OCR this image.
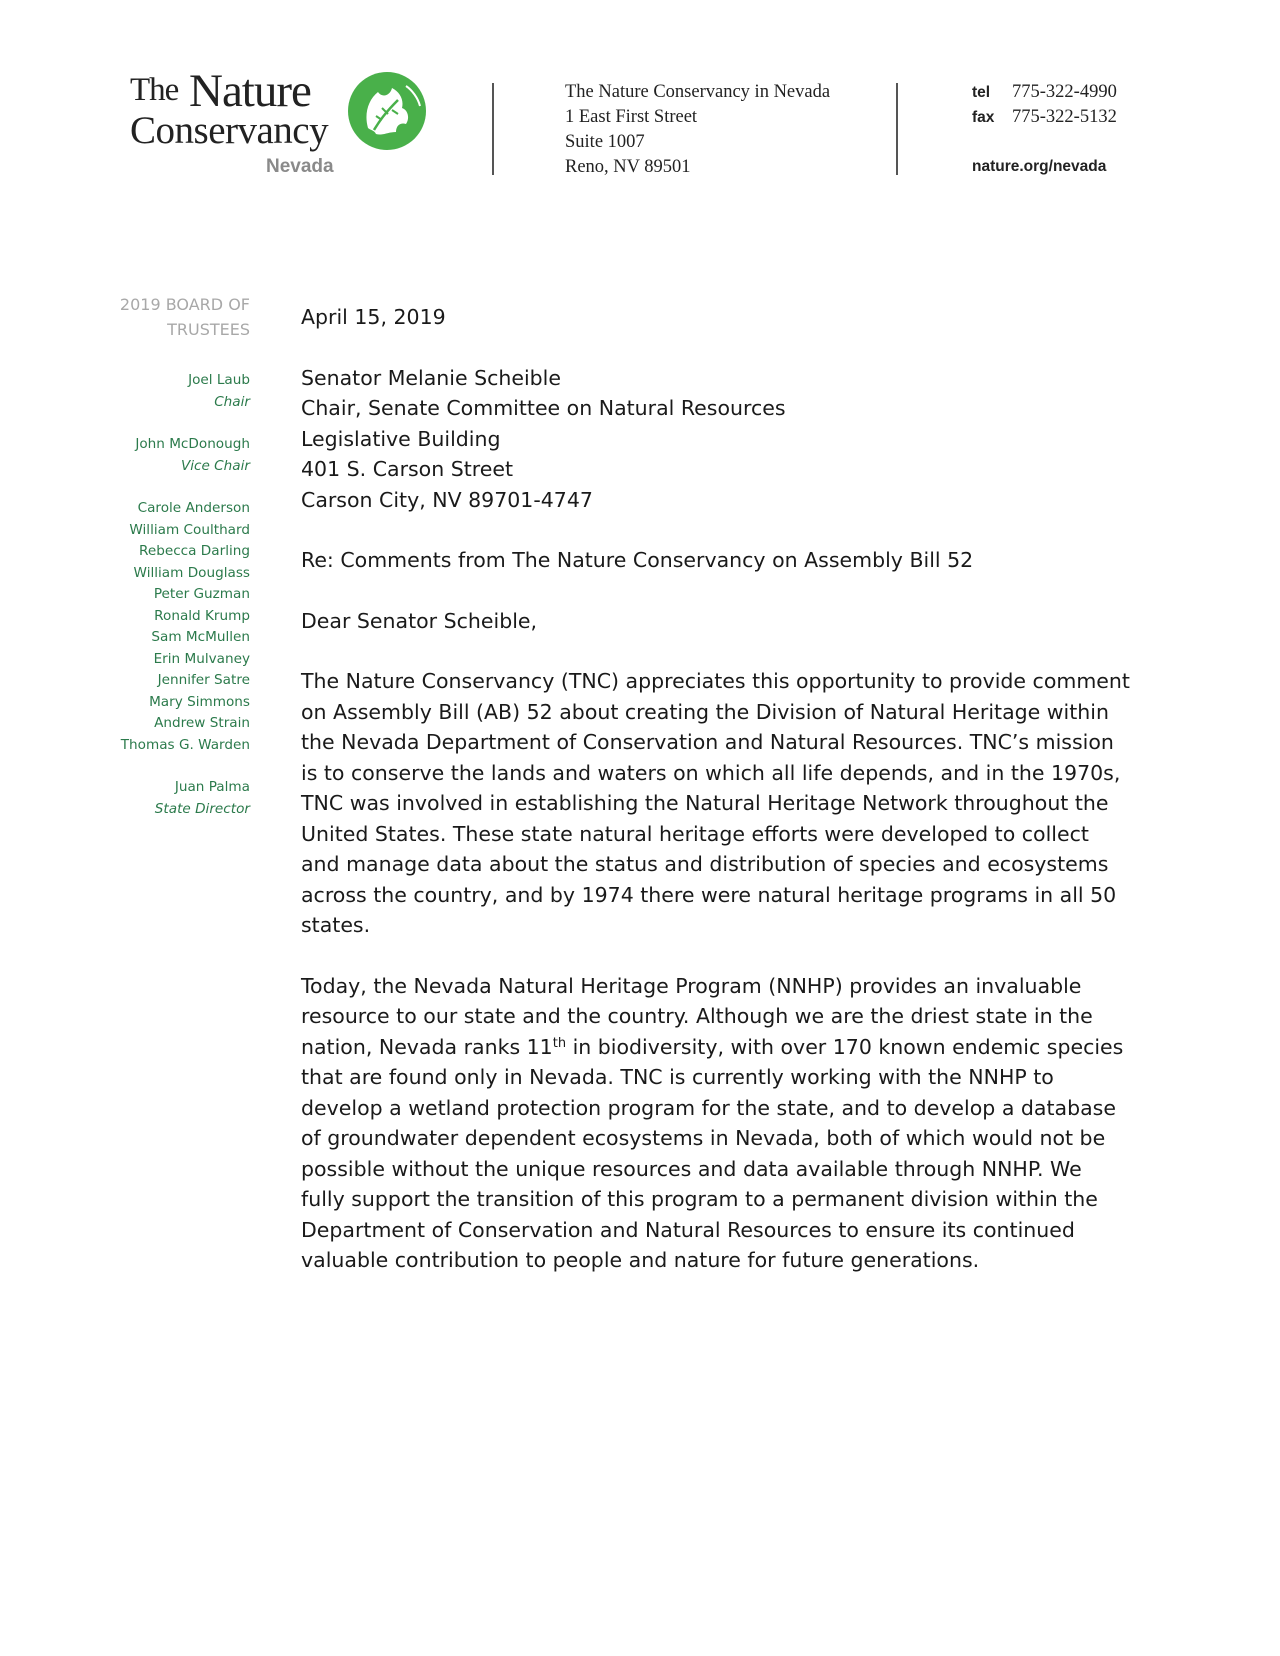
The Nature
Conservancy
Nevada
The Nature Conservancy in Nevada
1 East First Street
Suite 1007
Reno, NV 89501
tel	775-322-4990
fax 775-322-5132
nature.org/nevada
2019 BOARD OF TRUSTEES
Joel Laub
Chair
John McDonough
Vice Chair
Carole Anderson
William Coulthard
Rebecca Darling
William Douglass
Peter Guzman
Ronald Krump
Sam McMullen
Erin Mulvaney
Jennifer Satre
Mary Simmons
Andrew Strain
Thomas G. Warden
Juan Palma
State Director
April 15, 2019
Senator Melanie Scheible
Chair, Senate Committee on Natural Resources
Legislative Building
401 S. Carson Street
Carson City, NV 89701-4747
Re: Comments from The Nature Conservancy on Assembly Bill 52
Dear Senator Scheible,

The Nature Conservancy (TNC) appreciates this opportunity to provide comment on Assembly Bill (AB) 52 about creating the Division of Natural Heritage within the Nevada Department of Conservation and Natural Resources. TNC’s mission is to conserve the lands and waters on which all life depends, and in the 1970s, TNC was involved in establishing the Natural Heritage Network throughout the United States. These state natural heritage efforts were developed to collect and manage data about the status and distribution of species and ecosystems across the country, and by 1974 there were natural heritage programs in all 50 states.

Today, the Nevada Natural Heritage Program (NNHP) provides an invaluable resource to our state and the country. Although we are the driest state in the nation, Nevada ranks 11th in biodiversity, with over 170 known endemic species that are found only in Nevada. TNC is currently working with the NNHP to develop a wetland protection program for the state, and to develop a database of groundwater dependent ecosystems in Nevada, both of which would not be possible without the unique resources and data available through NNHP. We fully support the transition of this program to a permanent division within the Department of Conservation and Natural Resources to ensure its continued valuable contribution to people and nature for future generations.
